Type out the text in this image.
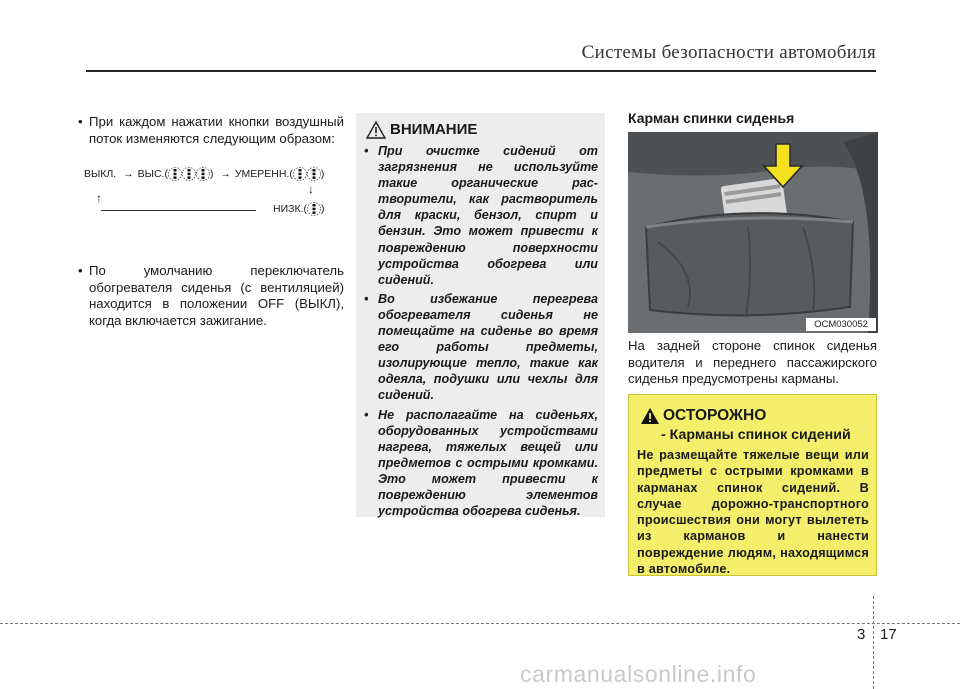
Системы безопасности автомобиля
• При каждом нажатии кнопки воздушный поток изменяются следующим образом:
ВЫКЛ. → ВЫС.(	) → УМЕРЕНН.(	)
↓
↑
НИЗК.( )
• По умолчанию переключатель обогревателя сиденья (с вентиляцией) находится в положении OFF (ВЫКЛ), когда включается зажигание.
ВНИМАНИЕ
• При очистке сидений от загрязнения не используйте такие органические рас-творители, как растворитель для краски, бензол, спирт и бензин. Это может привести к повреждению поверхности устройства обогрева или сидений.
• Во избежание перегрева обогревателя сиденья не помещайте на сиденье во время его работы предметы, изолирующие тепло, такие как одеяла, подушки или чехлы для сидений.
• Не располагайте на сиденьях, оборудованных устройствами нагрева, тяжелых вещей или предметов с острыми кромками. Это может привести к повреждению элементов устройства обогрева сиденья.
Карман спинки сиденья
OCM030052
На задней стороне спинок сиденья водителя и переднего пассажирского сиденья предусмотрены карманы.
ОСТОРОЖНО
- Карманы спинок сидений
Не размещайте тяжелые вещи или предметы с острыми кромками в карманах спинок сидений. В случае дорожно-транспортного происшествия они могут вылететь из карманов и нанести повреждение людям, находящимся в автомобиле.
3 17
carmanualsonline.info
